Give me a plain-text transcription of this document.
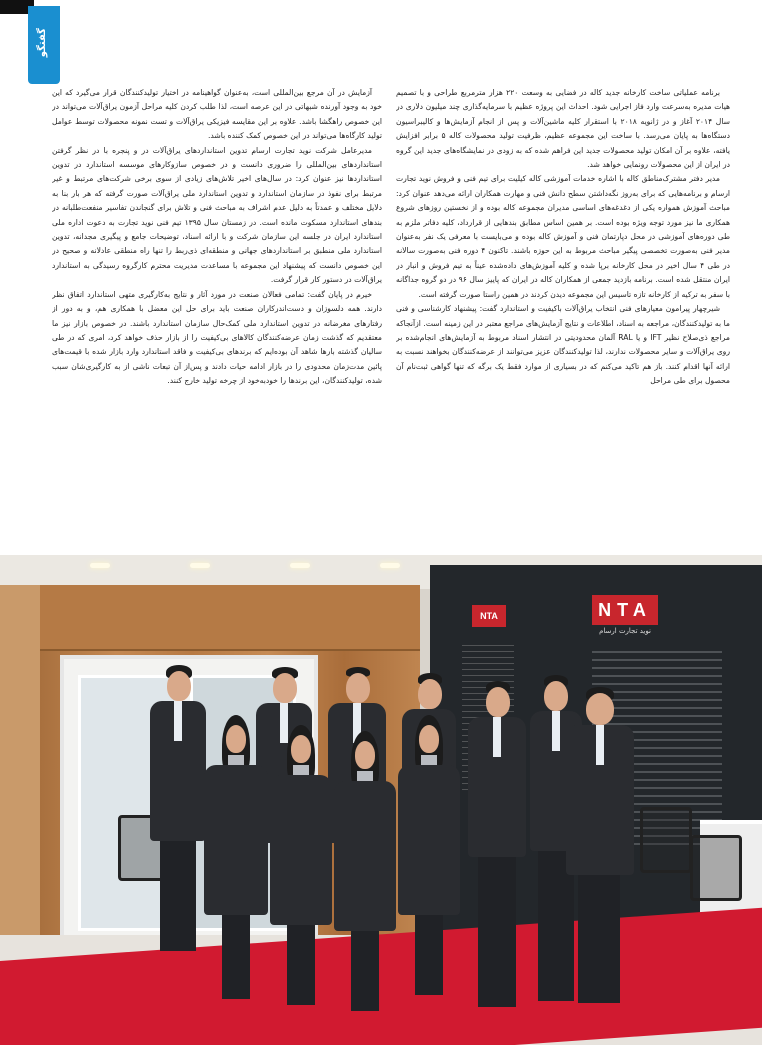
گفتگو

برنامه عملیاتی ساخت کارخانه جدید کاله در فضایی به وسعت ۲۲۰ هزار مترمربع طراحی و با تصمیم هیات مدیره به‌سرعت وارد فاز اجرایی شود. احداث این پروژه عظیم با سرمایه‌گذاری چند میلیون دلاری در سال ۲۰۱۴ آغاز و در ژانویه ۲۰۱۸ با استقرار کلیه ماشین‌آلات و پس از انجام آزمایش‌ها و کالیبراسیون دستگاه‌ها به پایان می‌رسد. با ساخت این مجموعه عظیم، ظرفیت تولید محصولات کاله ۵ برابر افزایش یافته، علاوه بر آن امکان تولید محصولات جدید این فراهم شده که به زودی در نمایشگاه‌های جدید این گروه در ایران از این محصولات رونمایی خواهد شد.

مدیر دفتر مشترک‌مناطق کاله با اشاره خدمات آموزشی کاله کیلیت برای تیم فنی و فروش نوید تجارت ارسام و برنامه‌هایی که برای به‌روز نگه‌داشتن سطح دانش فنی و مهارت همکاران ارائه می‌دهد عنوان کرد: مباحث آموزش همواره یکی از دغدغه‌های اساسی مدیران مجموعه کاله بوده و از نخستین روزهای شروع همکاری ما نیز مورد توجه ویژه بوده است. بر همین اساس مطابق بندهایی از قرارداد، کلیه دفاتر ملزم به طی دوره‌های آموزشی در محل دپارتمان فنی و آموزش کاله بوده و می‌بایست با معرفی یک نفر به‌عنوان مدیر فنی به‌صورت تخصصی پیگیر مباحث مربوط به این حوزه باشند. تاکنون ۴ دوره فنی به‌صورت سالانه در طی ۴ سال اخیر در محل کارخانه برپا شده و کلیه آموزش‌های داده‌شده عیناً به تیم فروش و انبار در ایران منتقل شده است. برنامه بازدید جمعی از همکاران کاله در ایران که پاییز سال ۹۶ در دو گروه جداگانه با سفر به ترکیه از کارخانه تازه تاسیس این مجموعه دیدن کردند در همین راستا صورت گرفته است.

شیرچهار پیرامون معیارهای فنی انتخاب یراق‌آلات باکیفیت و استاندارد گفت: پیشنهاد کارشناسی و فنی ما به تولیدکنندگان، مراجعه به اسناد، اطلاعات و نتایج آزمایش‌های مراجع معتبر در این زمینه است. ازآنجاکه مراجع ذی‌صلاح نظیر IFT و یا RAL آلمان محدودیتی در انتشار اسناد مربوط به آزمایش‌های انجام‌شده بر روی یراق‌آلات و سایر محصولات ندارند، لذا تولیدکنندگان عزیز می‌توانند از عرضه‌کنندگان بخواهند نسبت به ارائه آنها اقدام کنند. باز هم تاکید می‌کنم که در بسیاری از موارد فقط یک برگه که تنها گواهی ثبت‌نام آن محصول برای طی مراحل

آزمایش در آن مرجع بین‌المللی است، به‌عنوان گواهینامه در اختیار تولیدکنندگان قرار می‌گیرد که این خود به وجود آورنده شبهاتی در این عرصه است، لذا طلب کردن کلیه مراحل آزمون یراق‌آلات می‌تواند در این خصوص راهگشا باشد. علاوه بر این مقایسه فیزیکی یراق‌آلات و تست نمونه محصولات توسط عوامل تولید کارگاه‌ها می‌تواند در این خصوص کمک کننده باشد.

مدیرعامل شرکت نوید تجارت ارسام تدوین استانداردهای یراق‌آلات در و پنجره با در نظر گرفتن استانداردهای بین‌المللی را ضروری دانست و در خصوص سازوکارهای موسسه استاندارد در تدوین استانداردها نیز عنوان کرد: در سال‌های اخیر تلاش‌های زیادی از سوی برخی شرکت‌های مرتبط و غیر مرتبط برای نفوذ در سازمان استاندارد و تدوین استاندارد ملی یراق‌آلات صورت گرفته که هر بار بنا به دلایل مختلف و عمدتاً به دلیل عدم اشراف به مباحث فنی و تلاش برای گنجاندن تفاسیر منفعت‌طلبانه در بندهای استاندارد مسکوت مانده است. در زمستان سال ۱۳۹۵ تیم فنی نوید تجارت به دعوت اداره ملی استاندارد ایران در جلسه این سازمان شرکت و با ارائه اسناد، توضیحات جامع و پیگیری مجدانه، تدوین استاندارد ملی منطبق بر استانداردهای جهانی و منطقه‌ای ذی‌ربط را تنها راه منطقی عادلانه و صحیح در این خصوص دانست که پیشنهاد این مجموعه با مساعدت مدیریت محترم کارگروه رسیدگی به استاندارد یراق‌آلات در دستور کار قرار گرفت.

خیرم در پایان گفت: تمامی فعالان صنعت در مورد آثار و نتایج به‌کارگیری متهی استاندارد اتفاق نظر دارند. همه دلسوزان و دست‌اندرکاران صنعت باید برای حل این معضل با همکاری هم، و به دور از رفتارهای مغرضانه در تدوین استاندارد ملی کمک‌حال سازمان استاندارد باشند. در خصوص بازار نیز ما معتقدیم که گذشت زمان عرضه‌کنندگان کالاهای بی‌کیفیت را از بازار حذف خواهد کرد، امری که در طی سالیان گذشته بارها شاهد آن بوده‌ایم که برندهای بی‌کیفیت و فاقد استاندارد وارد بازار شده با قیمت‌های پائین مدت‌زمان محدودی را در بازار ادامه حیات دادند و پس‌از آن تبعات ناشی از به کارگیری‌شان سبب شده، تولیدکنندگان، این برندها را خودبه‌خود از چرخه تولید خارج کنند.

NTA	NTA
نوید تجارت ارسام
